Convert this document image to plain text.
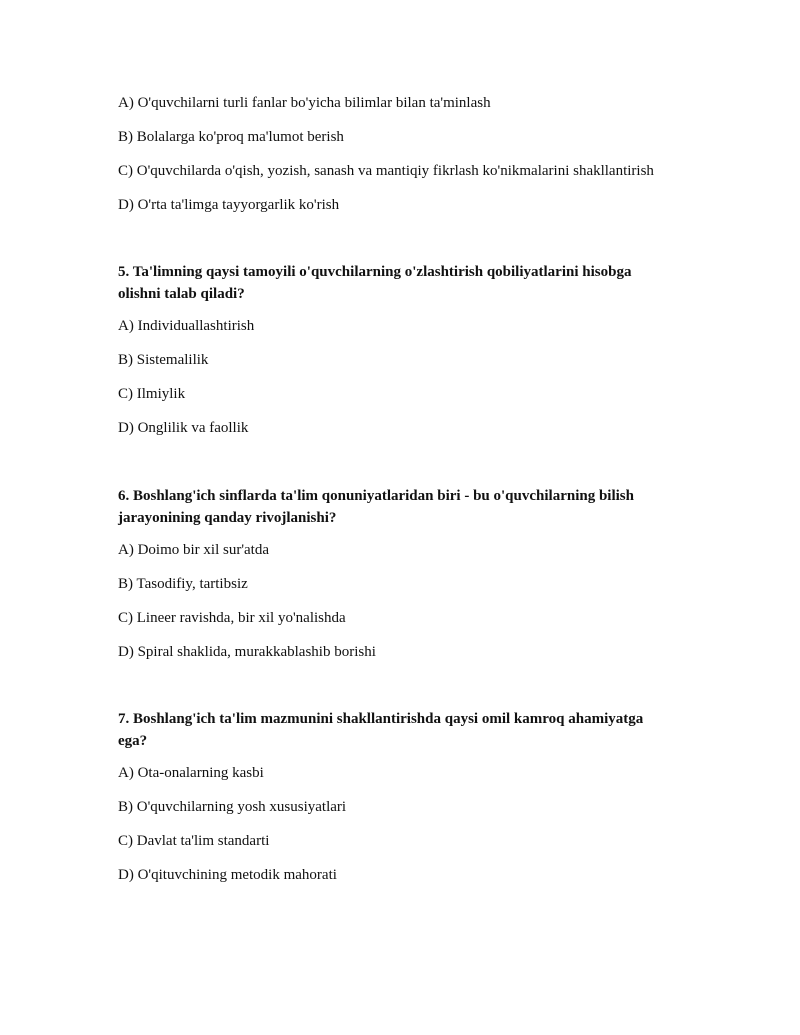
A) O'quvchilarni turli fanlar bo'yicha bilimlar bilan ta'minlash
B) Bolalarga ko'proq ma'lumot berish
C) O'quvchilarda o'qish, yozish, sanash va mantiqiy fikrlash ko'nikmalarini shakllantirish
D) O'rta ta'limga tayyorgarlik ko'rish
5. Ta'limning qaysi tamoyili o'quvchilarning o'zlashtirish qobiliyatlarini hisobga
olishni talab qiladi?
A) Individuallashtirish
B) Sistemalilik
C) Ilmiylik
D) Onglilik va faollik
6. Boshlang'ich sinflarda ta'lim qonuniyatlaridan biri - bu o'quvchilarning bilish
jarayonining qanday rivojlanishi?
A) Doimo bir xil sur'atda
B) Tasodifiy, tartibsiz
C) Lineer ravishda, bir xil yo'nalishda
D) Spiral shaklida, murakkablashib borishi
7. Boshlang'ich ta'lim mazmunini shakllantirishda qaysi omil kamroq ahamiyatga
ega?
A) Ota-onalarning kasbi
B) O'quvchilarning yosh xususiyatlari
C) Davlat ta'lim standarti
D) O'qituvchining metodik mahorati
